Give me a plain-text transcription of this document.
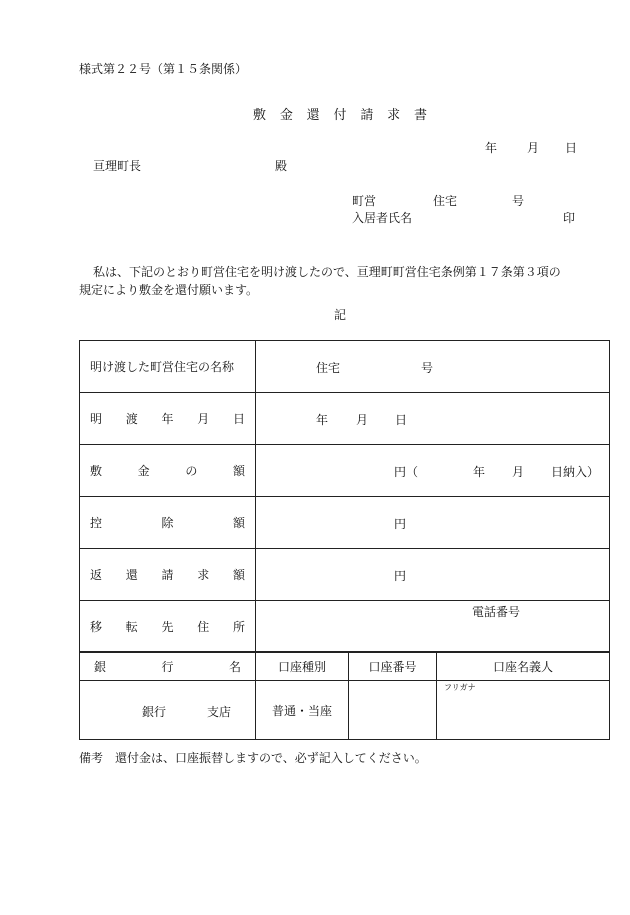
様式第２２号（第１５条関係）
敷 金 還 付 請 求 書
年 月 日
亘理町長	殿
町営	住宅	号
入居者氏名	印
私は、下記のとおり町営住宅を明け渡したので、亘理町町営住宅条例第１７条第３項の
規定により敷金を還付願います。
記
明け渡した町営住宅の名称	住宅 号

明 渡 年 月 日	年 月 日

敷 金 の 額	円（ 年 月 日納入）

控 除 額	円

返 還 請 求 額	円

移 転 先 住 所	電話番号
銀 行 名	口座種別	口座番号	口座名義人

銀行 支店	普通・当座		フリガナ
備考　還付金は、口座振替しますので、必ず記入してください。
